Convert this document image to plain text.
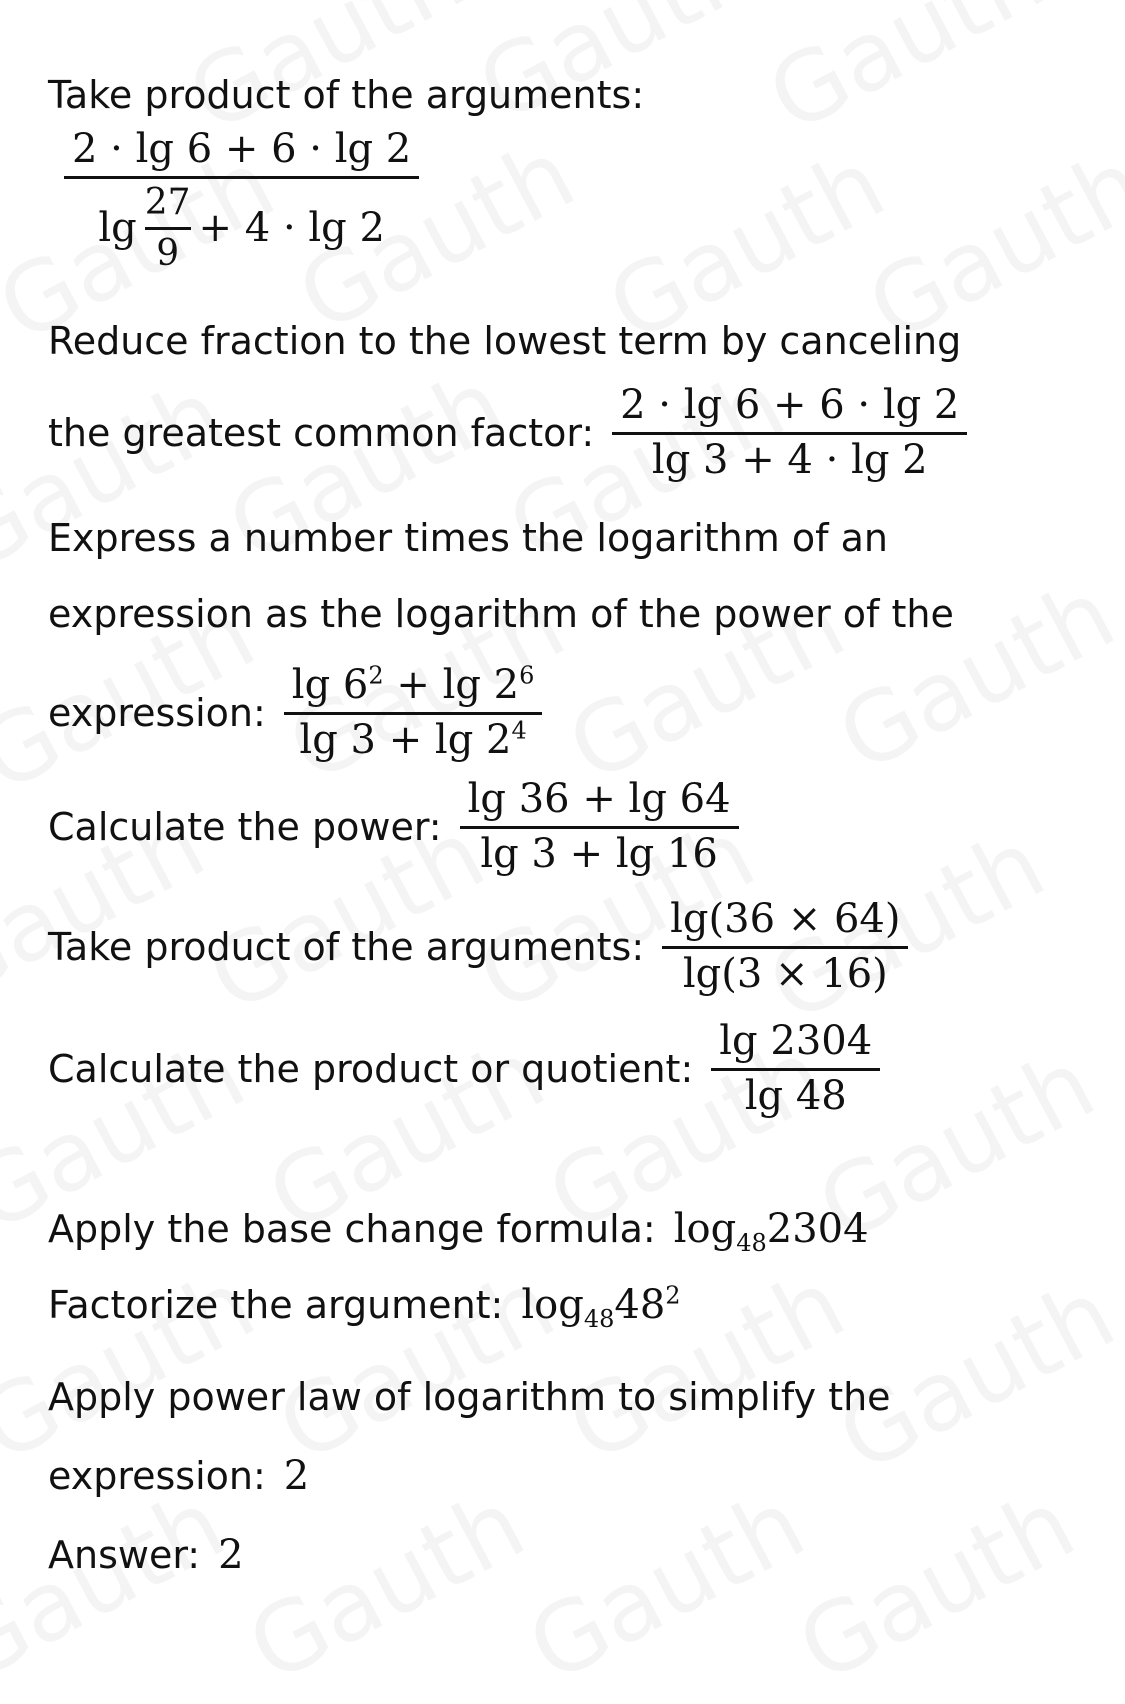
Take product of the arguments:
2 · lg 6 + 6 · lg 2
$\lg \frac{27}{9} + 4 \cdot \lg 2$
Reduce fraction to the lowest term by canceling
the greatest common factor: $\frac{2 \cdot \lg 6 + 6 \cdot \lg 2}{\lg 3 + 4 \cdot \lg 2}$
Express a number times the logarithm of an
expression as the logarithm of the power of the
expression: $\frac{\lg 6^2 + \lg 2^6}{\lg 3 + \lg 2^4}$
Calculate the power: $\frac{\lg 36 + \lg 64}{\lg 3 + \lg 16}$
Take product of the arguments: $\frac{\lg(36 \times 64)}{\lg(3 \times 16)}$
Calculate the product or quotient: $\frac{\lg 2304}{\lg 48}$
Apply the base change formula: $\log_{48}2304$
Factorize the argument: $\log_{48}48^2$
Apply power law of logarithm to simplify the
expression: 2
Answer: 2
